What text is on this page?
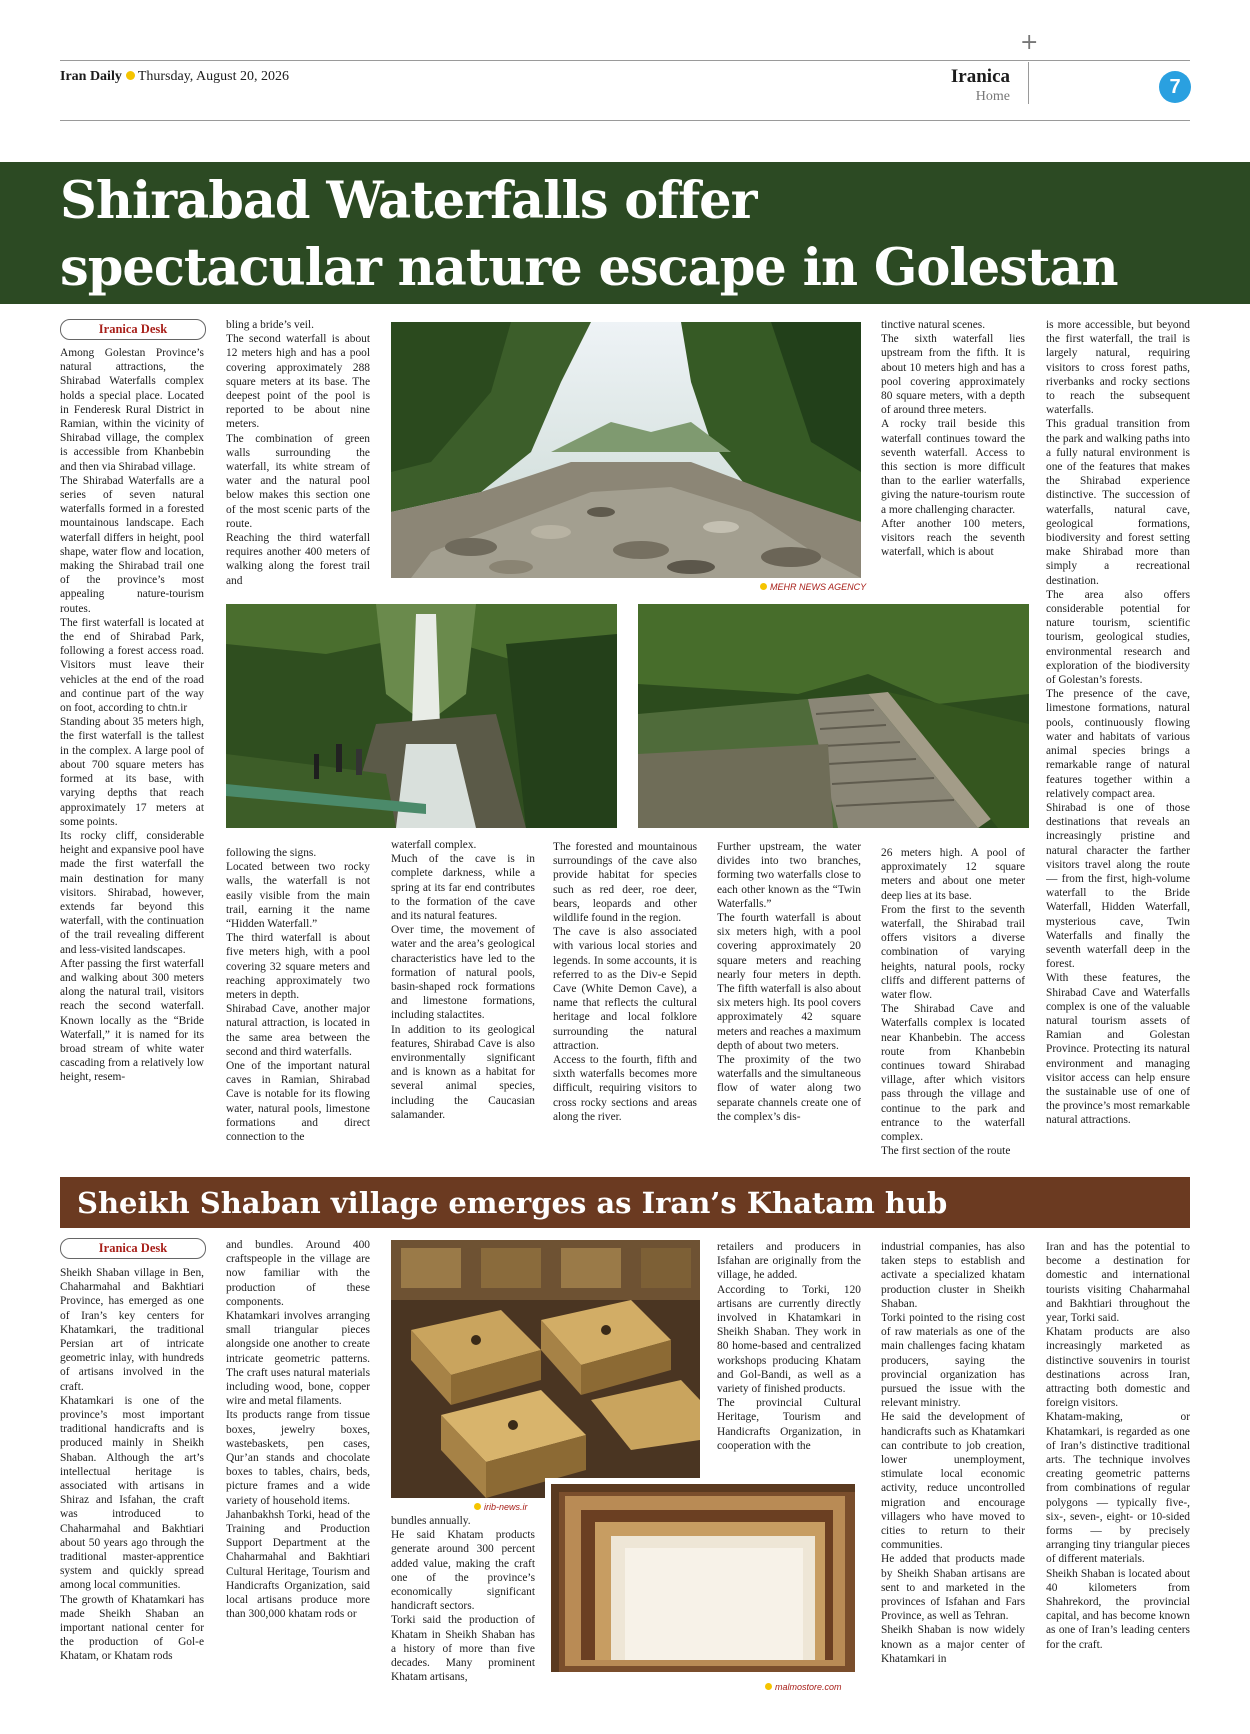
+
Iran Daily Thursday, August 20, 2026	Iranica
Home	7
Shirabad Waterfalls offer
spectacular nature escape in Golestan
Iranica Desk
MEHR NEWS AGENCY

Among Golestan Province’s natural attractions, the Shirabad Waterfalls complex holds a special place. Located in Fenderesk Rural District in Ramian, within the vicinity of Shirabad village, the complex is accessible from Khanbebin and then via Shirabad village.

The Shirabad Waterfalls are a series of seven natural waterfalls formed in a forested mountainous landscape. Each waterfall differs in height, pool shape, water flow and location, making the Shirabad trail one of the province’s most appealing nature-tourism routes.

The first waterfall is located at the end of Shirabad Park, following a forest access road. Visitors must leave their vehicles at the end of the road and continue part of the way on foot, according to chtn.ir

Standing about 35 meters high, the first waterfall is the tallest in the complex. A large pool of about 700 square meters has formed at its base, with varying depths that reach approximately 17 meters at some points.

Its rocky cliff, considerable height and expansive pool have made the first waterfall the main destination for many visitors. Shirabad, however, extends far beyond this waterfall, with the continuation of the trail revealing different and less-visited landscapes.

After passing the first waterfall and walking about 300 meters along the natural trail, visitors reach the second waterfall. Known locally as the “Bride Waterfall,” it is named for its broad stream of white water cascading from a relatively low height, resem-

bling a bride’s veil.

The second waterfall is about 12 meters high and has a pool covering approximately 288 square meters at its base. The deepest point of the pool is reported to be about nine meters.

The combination of green walls surrounding the waterfall, its white stream of water and the natural pool below makes this section one of the most scenic parts of the route.

Reaching the third waterfall requires another 400 meters of walking along the forest trail and

following the signs.

Located between two rocky walls, the waterfall is not easily visible from the main trail, earning it the name “Hidden Waterfall.”

The third waterfall is about five meters high, with a pool covering 32 square meters and reaching approximately two meters in depth.

Shirabad Cave, another major natural attraction, is located in the same area between the second and third waterfalls.

One of the important natural caves in Ramian, Shirabad Cave is notable for its flowing water, natural pools, limestone formations and direct connection to the

waterfall complex.

Much of the cave is in complete darkness, while a spring at its far end contributes to the formation of the cave and its natural features.

Over time, the movement of water and the area’s geological characteristics have led to the formation of natural pools, basin-shaped rock formations and limestone formations, including stalactites.

In addition to its geological features, Shirabad Cave is also environmentally significant and is known as a habitat for several animal species, including the Caucasian salamander.

The forested and mountainous surroundings of the cave also provide habitat for species such as red deer, roe deer, bears, leopards and other wildlife found in the region.

The cave is also associated with various local stories and legends. In some accounts, it is referred to as the Div-e Sepid Cave (White Demon Cave), a name that reflects the cultural heritage and local folklore surrounding the natural attraction.

Access to the fourth, fifth and sixth waterfalls becomes more difficult, requiring visitors to cross rocky sections and areas along the river.

Further upstream, the water divides into two branches, forming two waterfalls close to each other known as the “Twin Waterfalls.”

The fourth waterfall is about six meters high, with a pool covering approximately 20 square meters and reaching nearly four meters in depth. The fifth waterfall is also about six meters high. Its pool covers approximately 42 square meters and reaches a maximum depth of about two meters.

The proximity of the two waterfalls and the simultaneous flow of water along two separate channels create one of the complex’s dis-

tinctive natural scenes.

The sixth waterfall lies upstream from the fifth. It is about 10 meters high and has a pool covering approximately 80 square meters, with a depth of around three meters.

A rocky trail beside this waterfall continues toward the seventh waterfall. Access to this section is more difficult than to the earlier waterfalls, giving the nature-tourism route a more challenging character.

After another 100 meters, visitors reach the seventh waterfall, which is about

26 meters high. A pool of approximately 12 square meters and about one meter deep lies at its base.

From the first to the seventh waterfall, the Shirabad trail offers visitors a diverse combination of varying heights, natural pools, rocky cliffs and different patterns of water flow.

The Shirabad Cave and Waterfalls complex is located near Khanbebin. The access route from Khanbebin continues toward Shirabad village, after which visitors pass through the village and continue to the park and entrance to the waterfall complex.

The first section of the route

is more accessible, but beyond the first waterfall, the trail is largely natural, requiring visitors to cross forest paths, riverbanks and rocky sections to reach the subsequent waterfalls.

This gradual transition from the park and walking paths into a fully natural environment is one of the features that makes the Shirabad experience distinctive. The succession of waterfalls, natural cave, geological formations, biodiversity and forest setting make Shirabad more than simply a recreational destination.

The area also offers considerable potential for nature tourism, scientific tourism, geological studies, environmental research and exploration of the biodiversity of Golestan’s forests.

The presence of the cave, limestone formations, natural pools, continuously flowing water and habitats of various animal species brings a remarkable range of natural features together within a relatively compact area.

Shirabad is one of those destinations that reveals an increasingly pristine and natural character the farther visitors travel along the route — from the first, high-volume waterfall to the Bride Waterfall, Hidden Waterfall, mysterious cave, Twin Waterfalls and finally the seventh waterfall deep in the forest.

With these features, the Shirabad Cave and Waterfalls complex is one of the valuable natural tourism assets of Ramian and Golestan Province. Protecting its natural environment and managing visitor access can help ensure the sustainable use of one of the province’s most remarkable natural attractions.

Sheikh Shaban village emerges as Iran’s Khatam hub
Iranica Desk
irib-news.ir
malmostore.com

Sheikh Shaban village in Ben, Chaharmahal and Bakhtiari Province, has emerged as one of Iran’s key centers for Khatamkari, the traditional Persian art of intricate geometric inlay, with hundreds of artisans involved in the craft.

Khatamkari is one of the province’s most important traditional handicrafts and is produced mainly in Sheikh Shaban. Although the art’s intellectual heritage is associated with artisans in Shiraz and Isfahan, the craft was introduced to Chaharmahal and Bakhtiari about 50 years ago through the traditional master-apprentice system and quickly spread among local communities.

The growth of Khatamkari has made Sheikh Shaban an important national center for the production of Gol-e Khatam, or Khatam rods

and bundles. Around 400 craftspeople in the village are now familiar with the production of these components.

Khatamkari involves arranging small triangular pieces alongside one another to create intricate geometric patterns. The craft uses natural materials including wood, bone, copper wire and metal filaments.

Its products range from tissue boxes, jewelry boxes, wastebaskets, pen cases, Qur’an stands and chocolate boxes to tables, chairs, beds, picture frames and a wide variety of household items.

Jahanbakhsh Torki, head of the Training and Production Support Department at the Chaharmahal and Bakhtiari Cultural Heritage, Tourism and Handicrafts Organization, said local artisans produce more than 300,000 khatam rods or

bundles annually.

He said Khatam products generate around 300 percent added value, making the craft one of the province’s economically significant handicraft sectors.

Torki said the production of Khatam in Sheikh Shaban has a history of more than five decades. Many prominent Khatam artisans,

retailers and producers in Isfahan are originally from the village, he added.

According to Torki, 120 artisans are currently directly involved in Khatamkari in Sheikh Shaban. They work in 80 home-based and centralized workshops producing Khatam and Gol-Bandi, as well as a variety of finished products.

The provincial Cultural Heritage, Tourism and Handicrafts Organization, in cooperation with the

industrial companies, has also taken steps to establish and activate a specialized khatam production cluster in Sheikh Shaban.

Torki pointed to the rising cost of raw materials as one of the main challenges facing khatam producers, saying the provincial organization has pursued the issue with the relevant ministry.

He said the development of handicrafts such as Khatamkari can contribute to job creation, lower unemployment, stimulate local economic activity, reduce uncontrolled migration and encourage villagers who have moved to cities to return to their communities.

He added that products made by Sheikh Shaban artisans are sent to and marketed in the provinces of Isfahan and Fars Province, as well as Tehran.

Sheikh Shaban is now widely known as a major center of Khatamkari in

Iran and has the potential to become a destination for domestic and international tourists visiting Chaharmahal and Bakhtiari throughout the year, Torki said.

Khatam products are also increasingly marketed as distinctive souvenirs in tourist destinations across Iran, attracting both domestic and foreign visitors.

Khatam-making, or Khatamkari, is regarded as one of Iran’s distinctive traditional arts. The technique involves creating geometric patterns from combinations of regular polygons — typically five-, six-, seven-, eight- or 10-sided forms — by precisely arranging tiny triangular pieces of different materials.

Sheikh Shaban is located about 40 kilometers from Shahrekord, the provincial capital, and has become known as one of Iran’s leading centers for the craft.
